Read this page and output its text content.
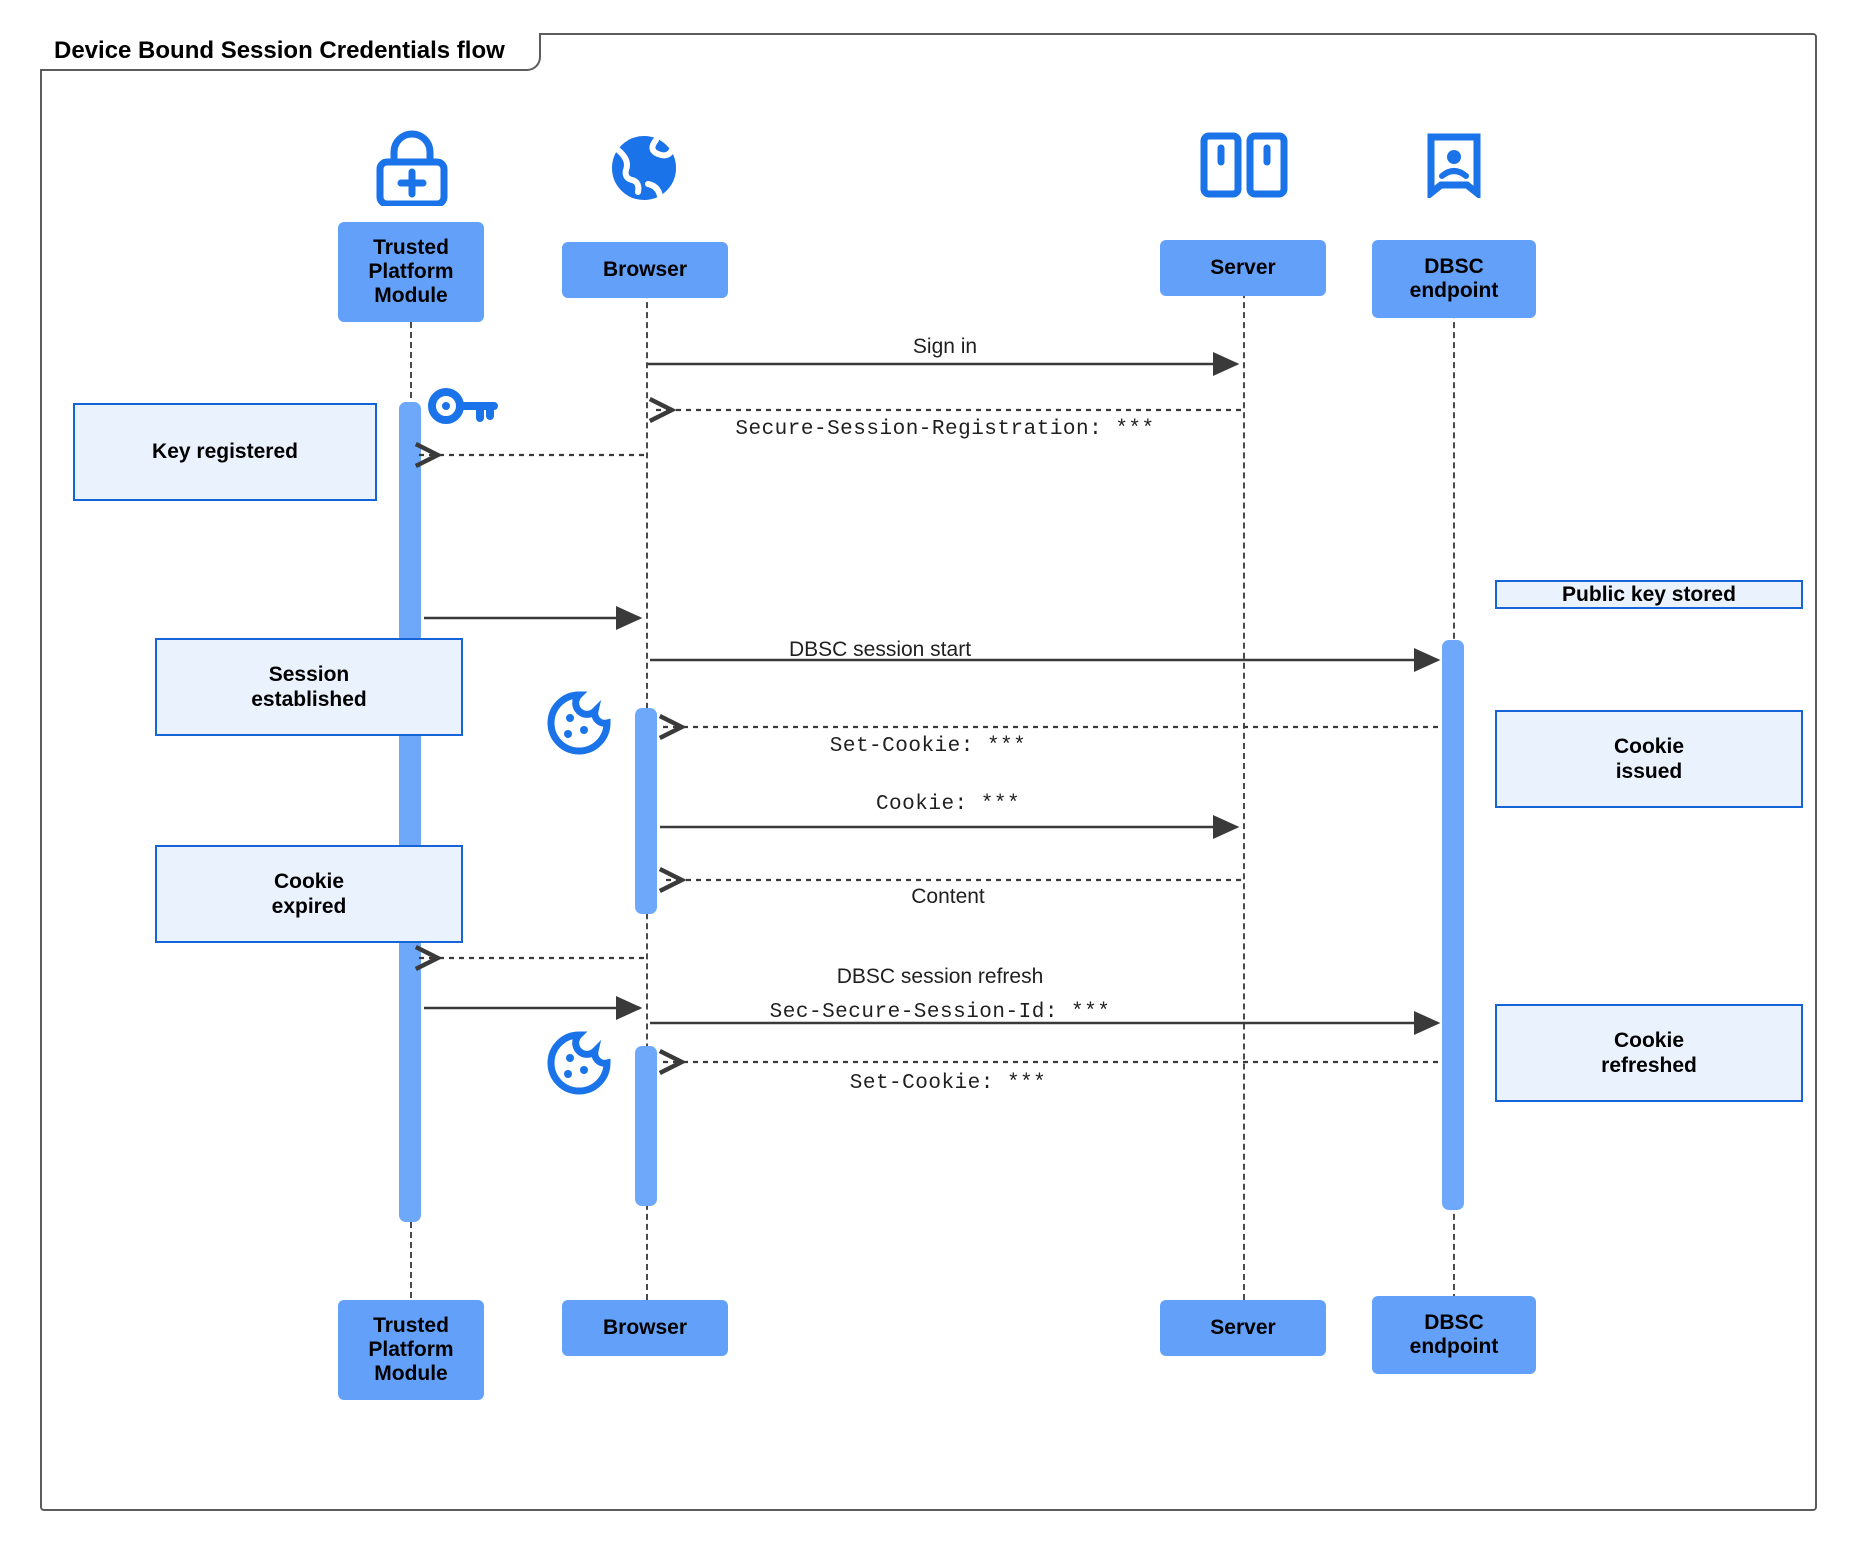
Device Bound Session Credentials flow
Trusted
Platform
Module
Browser	Server	DBSC
endpoint
Trusted
Platform
Module
Browser	Server	DBSC
endpoint
Key registered
Session
established
Cookie
expired
Public key stored
Cookie
issued
Cookie
refreshed
Sign in
Secure-Session-Registration: ***
DBSC session start
Set-Cookie: ***
Cookie: ***
Content
DBSC session refresh
Sec-Secure-Session-Id: ***
Set-Cookie: ***
